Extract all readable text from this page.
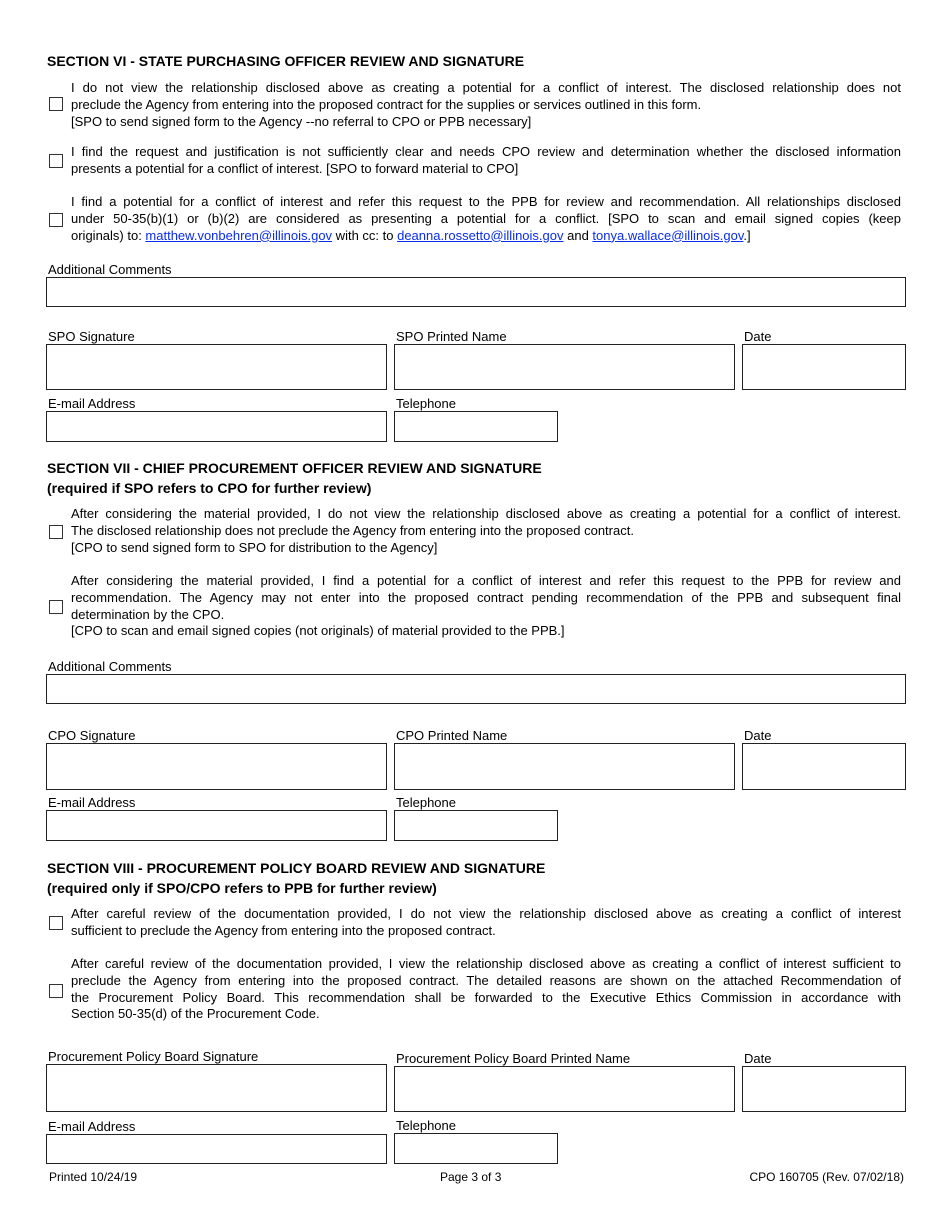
SECTION VI - STATE PURCHASING OFFICER REVIEW AND SIGNATURE

I do not view the relationship disclosed above as creating a potential for a conflict of interest. The disclosed relationship does not
preclude the Agency from entering into the proposed contract for the supplies or services outlined in this form.
[SPO to send signed form to the Agency --no referral to CPO or PPB necessary]

I find the request and justification is not sufficiently clear and needs CPO review and determination whether the disclosed information
presents a potential for a conflict of interest. [SPO to forward material to CPO]

I find a potential for a conflict of interest and refer this request to the PPB for review and recommendation. All relationships disclosed
under 50-35(b)(1) or (b)(2) are considered as presenting a potential for a conflict. [SPO to scan and email signed copies (keep
originals) to: matthew.vonbehren@illinois.gov with cc: to deanna.rossetto@illinois.gov and tonya.wallace@illinois.gov.]

Additional Comments
SPO Signature	SPO Printed Name	Date
E-mail Address	Telephone
SECTION VII - CHIEF PROCUREMENT OFFICER REVIEW AND SIGNATURE
(required if SPO refers to CPO for further review)

After considering the material provided, I do not view the relationship disclosed above as creating a potential for a conflict of interest.
The disclosed relationship does not preclude the Agency from entering into the proposed contract.
[CPO to send signed form to SPO for distribution to the Agency]

After considering the material provided, I find a potential for a conflict of interest and refer this request to the PPB for review and
recommendation. The Agency may not enter into the proposed contract pending recommendation of the PPB and subsequent final
determination by the CPO.
[CPO to scan and email signed copies (not originals) of material provided to the PPB.]

Additional Comments
CPO Signature	CPO Printed Name	Date
E-mail Address	Telephone
SECTION VIII - PROCUREMENT POLICY BOARD REVIEW AND SIGNATURE
(required only if SPO/CPO refers to PPB for further review)

After careful review of the documentation provided, I do not view the relationship disclosed above as creating a conflict of interest
sufficient to preclude the Agency from entering into the proposed contract.

After careful review of the documentation provided, I view the relationship disclosed above as creating a conflict of interest sufficient to
preclude the Agency from entering into the proposed contract. The detailed reasons are shown on the attached Recommendation of
the Procurement Policy Board. This recommendation shall be forwarded to the Executive Ethics Commission in accordance with
Section 50-35(d) of the Procurement Code.

Procurement Policy Board Signature	Procurement Policy Board Printed Name	Date
E-mail Address	Telephone
Printed 10/24/19	Page 3 of 3	CPO 160705 (Rev. 07/02/18)
